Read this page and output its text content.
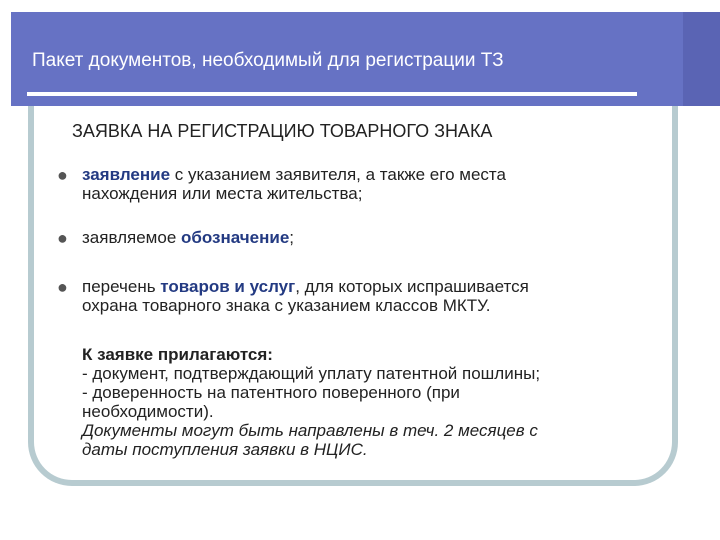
Пакет документов, необходимый для регистрации ТЗ
ЗАЯВКА НА РЕГИСТРАЦИЮ ТОВАРНОГО ЗНАКА
● заявление с указанием заявителя, а также его места
нахождения или места жительства;
● заявляемое обозначение;
● перечень товаров и услуг, для которых испрашивается
охрана товарного знака с указанием классов МКТУ.
К заявке прилагаются:
- документ, подтверждающий уплату патентной пошлины;
- доверенность на патентного поверенного (при
необходимости).
Документы могут быть направлены в теч. 2 месяцев с
даты поступления заявки в НЦИС.
